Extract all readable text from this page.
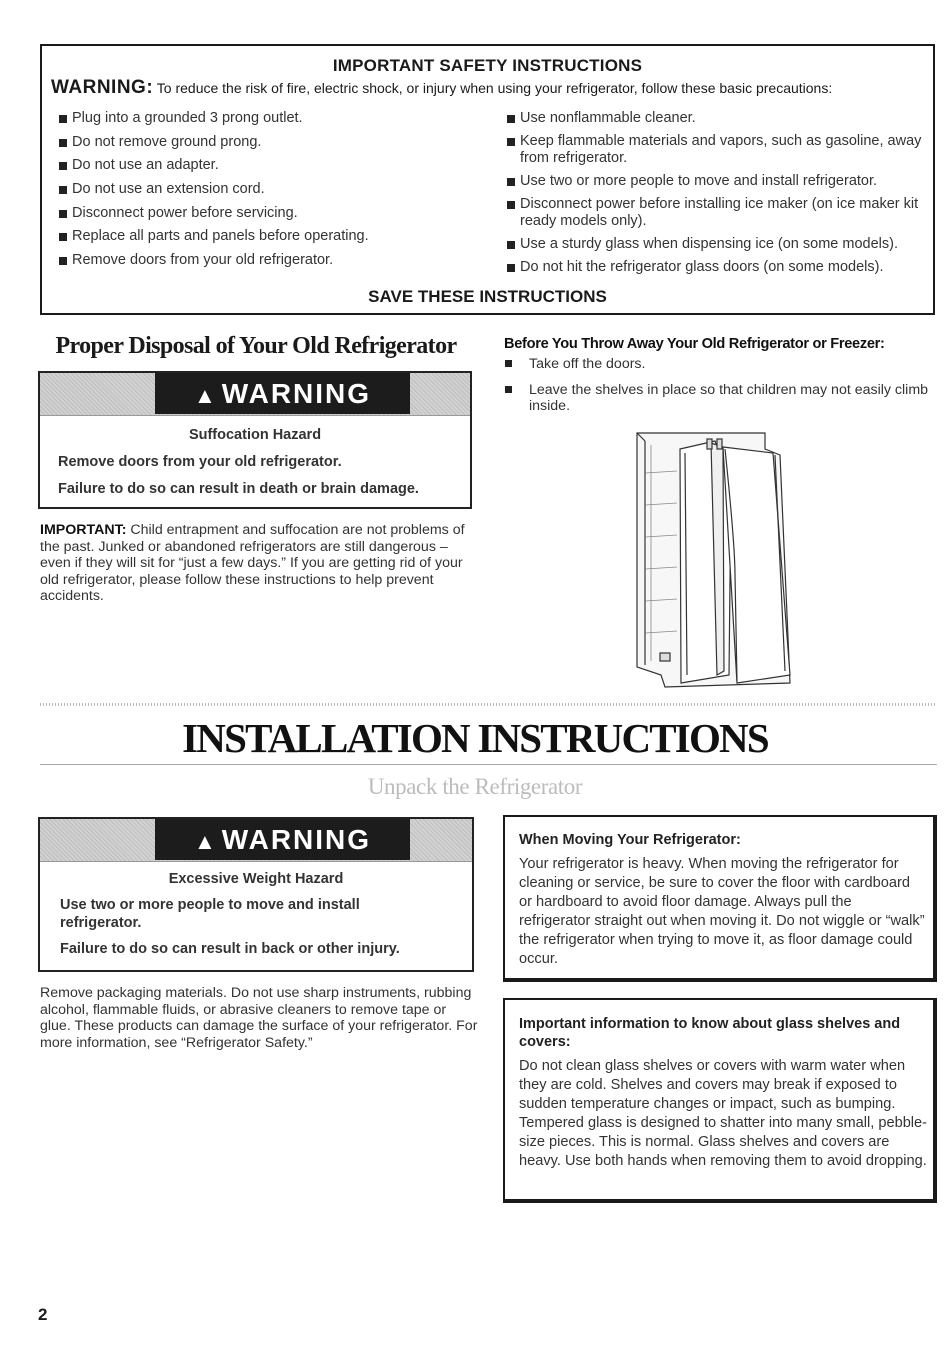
IMPORTANT SAFETY INSTRUCTIONS
WARNING: To reduce the risk of fire, electric shock, or injury when using your refrigerator, follow these basic precautions:
Plug into a grounded 3 prong outlet.
Do not remove ground prong.
Do not use an adapter.
Do not use an extension cord.
Disconnect power before servicing.
Replace all parts and panels before operating.
Remove doors from your old refrigerator.
Use nonflammable cleaner.
Keep flammable materials and vapors, such as gasoline, away from refrigerator.
Use two or more people to move and install refrigerator.
Disconnect power before installing ice maker (on ice maker kit ready models only).
Use a sturdy glass when dispensing ice (on some models).
Do not hit the refrigerator glass doors (on some models).
SAVE THESE INSTRUCTIONS
Proper Disposal of Your Old Refrigerator
▲ WARNING
Suffocation Hazard
Remove doors from your old refrigerator.
Failure to do so can result in death or brain damage.
IMPORTANT: Child entrapment and suffocation are not problems of the past. Junked or abandoned refrigerators are still dangerous – even if they will sit for “just a few days.” If you are getting rid of your old refrigerator, please follow these instructions to help prevent accidents.
Before You Throw Away Your Old Refrigerator or Freezer:
Take off the doors.
Leave the shelves in place so that children may not easily climb inside.
INSTALLATION INSTRUCTIONS
Unpack the Refrigerator
▲ WARNING
Excessive Weight Hazard
Use two or more people to move and install refrigerator.
Failure to do so can result in back or other injury.
Remove packaging materials. Do not use sharp instruments, rubbing alcohol, flammable fluids, or abrasive cleaners to remove tape or glue. These products can damage the surface of your refrigerator. For more information, see “Refrigerator Safety.”
When Moving Your Refrigerator:
Your refrigerator is heavy. When moving the refrigerator for cleaning or service, be sure to cover the floor with cardboard or hardboard to avoid floor damage. Always pull the refrigerator straight out when moving it. Do not wiggle or “walk” the refrigerator when trying to move it, as floor damage could occur.
Important information to know about glass shelves and covers:
Do not clean glass shelves or covers with warm water when they are cold. Shelves and covers may break if exposed to sudden temperature changes or impact, such as bumping. Tempered glass is designed to shatter into many small, pebble-size pieces. This is normal. Glass shelves and covers are heavy. Use both hands when removing them to avoid dropping.
2
